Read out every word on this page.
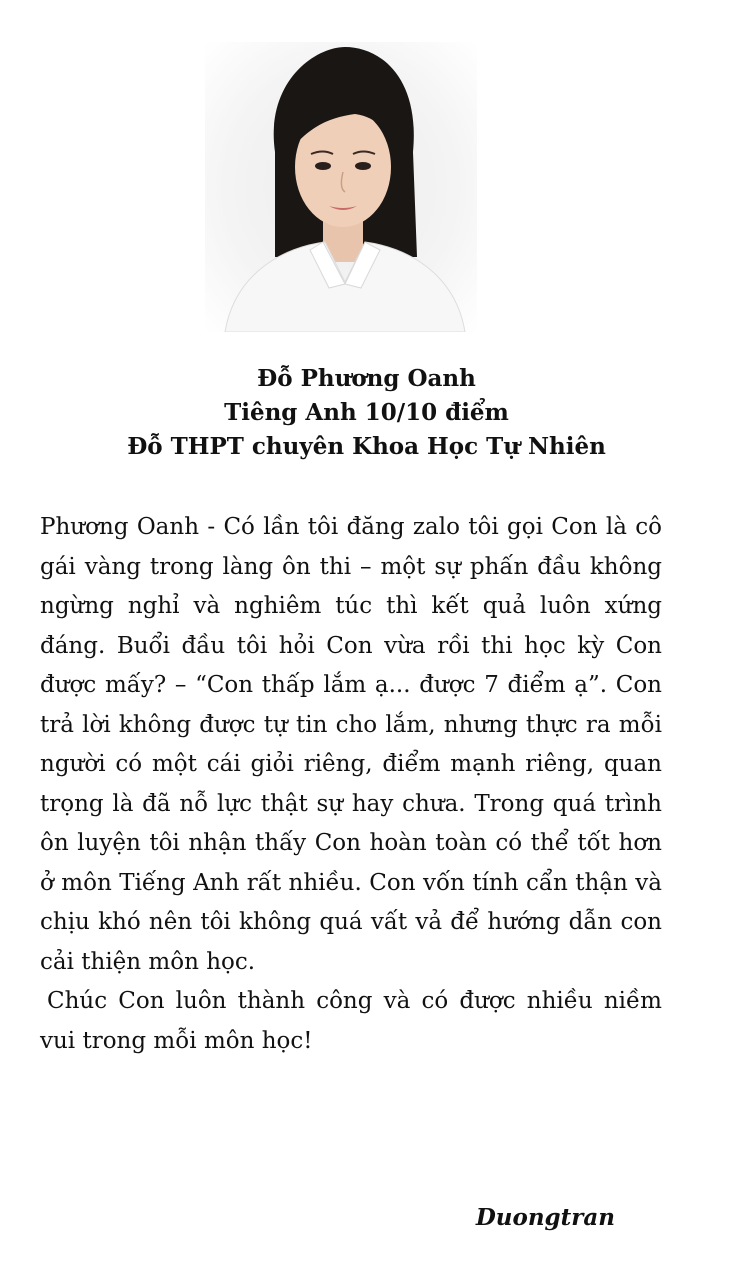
Đỗ Phương Oanh
Tiêng Anh 10/10 điểm
Đỗ THPT chuyên Khoa Học Tự Nhiên

Phương Oanh - Có lần tôi đăng zalo tôi gọi Con là cô gái vàng trong làng ôn thi – một sự phấn đầu không ngừng nghỉ và nghiêm túc thì kết quả luôn xứng đáng. Buổi đầu tôi hỏi Con vừa rồi thi học kỳ Con được mấy? – “Con thấp lắm ạ... được 7 điểm ạ”. Con trả lời không được tự tin cho lắm, nhưng thực ra mỗi người có một cái giỏi riêng, điểm mạnh riêng, quan trọng là đã nỗ lực thật sự hay chưa. Trong quá trình ôn luyện tôi nhận thấy Con hoàn toàn có thể tốt hơn ở môn Tiếng Anh rất nhiều. Con vốn tính cẩn thận và chịu khó nên tôi không quá vất vả để hướng dẫn con cải thiện môn học.

Chúc Con luôn thành công và có được nhiều niềm vui trong mỗi môn học!

Duongtran
